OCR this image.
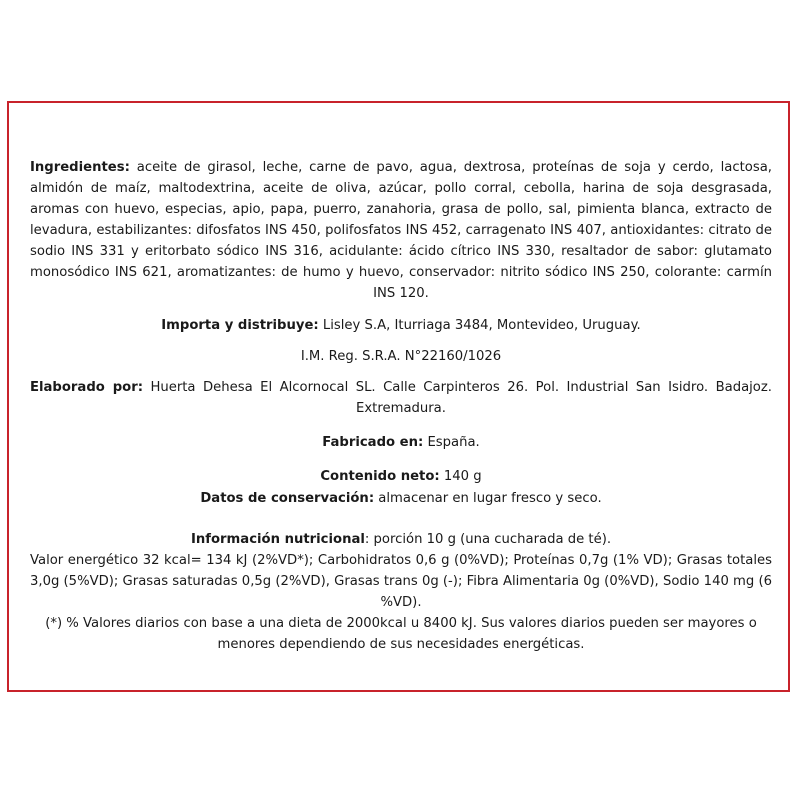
Ingredientes: aceite de girasol, leche, carne de pavo, agua, dextrosa, proteínas de soja y cerdo, lactosa, almidón de maíz, maltodextrina, aceite de oliva, azúcar, pollo corral, cebolla, harina de soja desgrasada, aromas con huevo, especias, apio, papa, puerro, zanahoria, grasa de pollo, sal, pimienta blanca, extracto de levadura, estabilizantes: difosfatos INS 450, polifosfatos INS 452, carragenato INS 407, antioxidantes: citrato de sodio INS 331 y eritorbato sódico INS 316, acidulante: ácido cítrico INS 330, resaltador de sabor: glutamato monosódico INS 621, aromatizantes: de humo y huevo, conservador: nitrito sódico INS 250, colorante: carmín INS 120.

Importa y distribuye: Lisley S.A, Iturriaga 3484, Montevideo, Uruguay.

I.M. Reg. S.R.A. N°22160/1026

Elaborado por: Huerta Dehesa El Alcornocal SL. Calle Carpinteros 26. Pol. Industrial San Isidro. Badajoz. Extremadura.

Fabricado en: España.

Contenido neto: 140 g

Datos de conservación: almacenar en lugar fresco y seco.

Información nutricional: porción 10 g (una cucharada de té).

Valor energético 32 kcal= 134 kJ (2%VD*); Carbohidratos 0,6 g (0%VD); Proteínas 0,7g (1% VD); Grasas totales 3,0g (5%VD); Grasas saturadas 0,5g (2%VD), Grasas trans 0g (-); Fibra Alimentaria 0g (0%VD), Sodio 140 mg (6 %VD).

(*) % Valores diarios con base a una dieta de 2000kcal u 8400 kJ. Sus valores diarios pueden ser mayores o menores dependiendo de sus necesidades energéticas.
